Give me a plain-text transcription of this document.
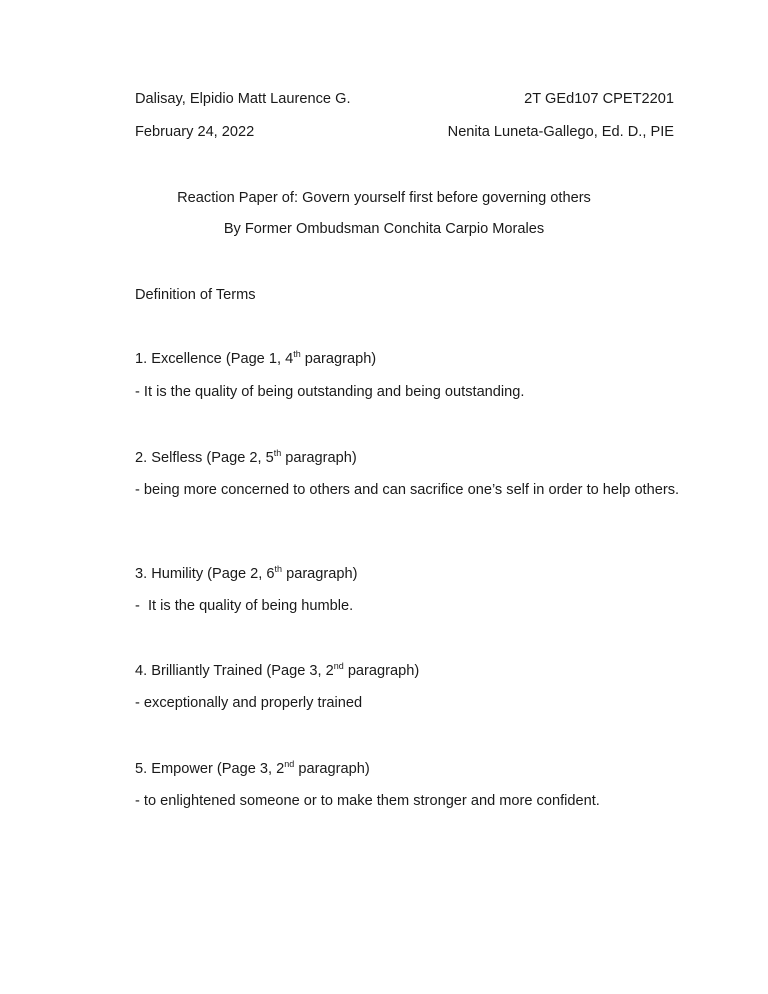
Dalisay, Elpidio Matt Laurence G.	2T GEd107 CPET2201
February 24, 2022	Nenita Luneta-Gallego, Ed. D., PIE
Reaction Paper of: Govern yourself first before governing others
By Former Ombudsman Conchita Carpio Morales
Definition of Terms
1. Excellence (Page 1, 4th paragraph)
- It is the quality of being outstanding and being outstanding.
2. Selfless (Page 2, 5th paragraph)
- being more concerned to others and can sacrifice one’s self in order to help others.
3. Humility (Page 2, 6th paragraph)
-  It is the quality of being humble.
4. Brilliantly Trained (Page 3, 2nd paragraph)
- exceptionally and properly trained
5. Empower (Page 3, 2nd paragraph)
- to enlightened someone or to make them stronger and more confident.
